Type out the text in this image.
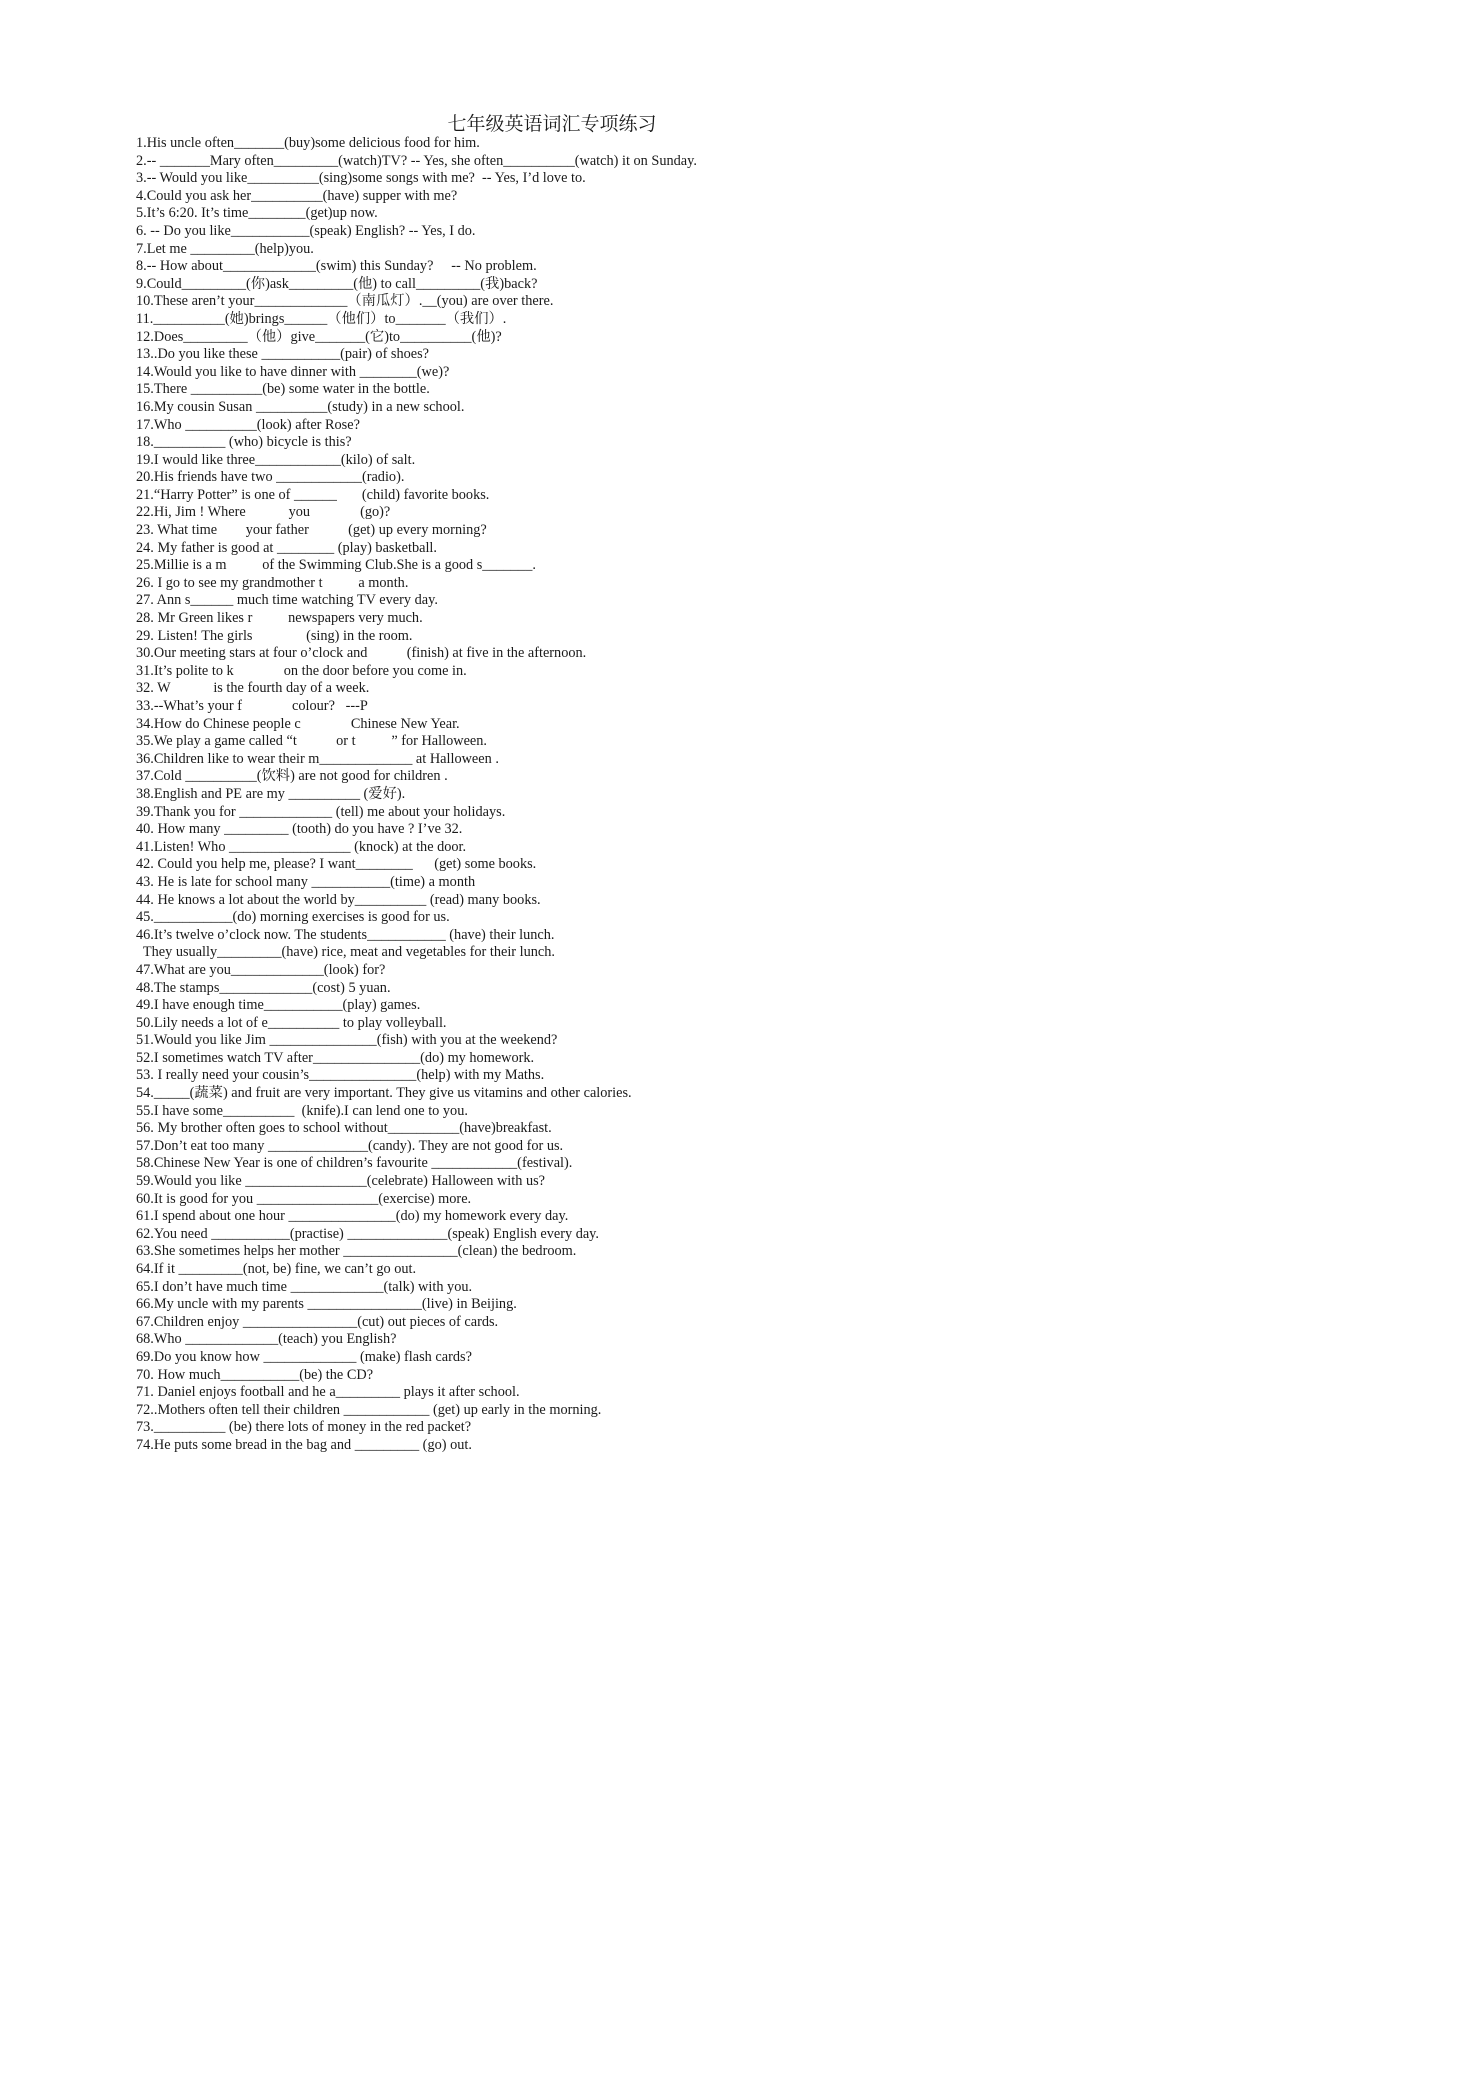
七年级英语词汇专项练习
1.His uncle often_______(buy)some delicious food for him.
2.-- _______Mary often_________(watch)TV? -- Yes, she often__________(watch) it on Sunday.
3.-- Would you like__________(sing)some songs with me?  -- Yes, I’d love to.
4.Could you ask her__________(have) supper with me?
5.It’s 6:20. It’s time________(get)up now.
6. -- Do you like___________(speak) English? -- Yes, I do.
7.Let me _________(help)you.
8.-- How about_____________(swim) this Sunday?     -- No problem.
9.Could_________(你)ask_________(他) to call_________(我)back?
10.These aren’t your_____________（南瓜灯）.__(you) are over there.
11.__________(她)brings______（他们）to_______（我们）.
12.Does_________（他）give_______(它)to__________(他)?
13..Do you like these ___________(pair) of shoes?
14.Would you like to have dinner with ________(we)?
15.There __________(be) some water in the bottle.
16.My cousin Susan __________(study) in a new school.
17.Who __________(look) after Rose?
18.__________ (who) bicycle is this?
19.I would like three____________(kilo) of salt.
20.His friends have two ____________(radio).
21.“Harry Potter” is one of ______       (child) favorite books.
22.Hi, Jim ! Where            you              (go)?
23. What time        your father           (get) up every morning?
24. My father is good at ________ (play) basketball.
25.Millie is a m          of the Swimming Club.She is a good s_______.
26. I go to see my grandmother t          a month.
27. Ann s______ much time watching TV every day.
28. Mr Green likes r          newspapers very much.
29. Listen! The girls               (sing) in the room.
30.Our meeting stars at four o’clock and           (finish) at five in the afternoon.
31.It’s polite to k              on the door before you come in.
32. W            is the fourth day of a week.
33.--What’s your f              colour?   ---P
34.How do Chinese people c              Chinese New Year.
35.We play a game called “t           or t          ” for Halloween.
36.Children like to wear their m_____________ at Halloween .
37.Cold __________(饮料) are not good for children .
38.English and PE are my __________ (爱好).
39.Thank you for _____________ (tell) me about your holidays.
40. How many _________ (tooth) do you have ? I’ve 32.
41.Listen! Who _________________ (knock) at the door.
42. Could you help me, please? I want________      (get) some books.
43. He is late for school many ___________(time) a month
44. He knows a lot about the world by__________ (read) many books.
45.___________(do) morning exercises is good for us.
46.It’s twelve o’clock now. The students___________ (have) their lunch.
They usually_________(have) rice, meat and vegetables for their lunch.
47.What are you_____________(look) for?
48.The stamps_____________(cost) 5 yuan.
49.I have enough time___________(play) games.
50.Lily needs a lot of e__________ to play volleyball.
51.Would you like Jim _______________(fish) with you at the weekend?
52.I sometimes watch TV after_______________(do) my homework.
53. I really need your cousin’s_______________(help) with my Maths.
54._____(蔬菜) and fruit are very important. They give us vitamins and other calories.
55.I have some__________  (knife).I can lend one to you.
56. My brother often goes to school without__________(have)breakfast.
57.Don’t eat too many ______________(candy). They are not good for us.
58.Chinese New Year is one of children’s favourite ____________(festival).
59.Would you like _________________(celebrate) Halloween with us?
60.It is good for you _________________(exercise) more.
61.I spend about one hour _______________(do) my homework every day.
62.You need ___________(practise) ______________(speak) English every day.
63.She sometimes helps her mother ________________(clean) the bedroom.
64.If it _________(not, be) fine, we can’t go out.
65.I don’t have much time _____________(talk) with you.
66.My uncle with my parents ________________(live) in Beijing.
67.Children enjoy ________________(cut) out pieces of cards.
68.Who _____________(teach) you English?
69.Do you know how _____________ (make) flash cards?
70. How much___________(be) the CD?
71. Daniel enjoys football and he a_________ plays it after school.
72..Mothers often tell their children ____________ (get) up early in the morning.
73.__________ (be) there lots of money in the red packet?
74.He puts some bread in the bag and _________ (go) out.
